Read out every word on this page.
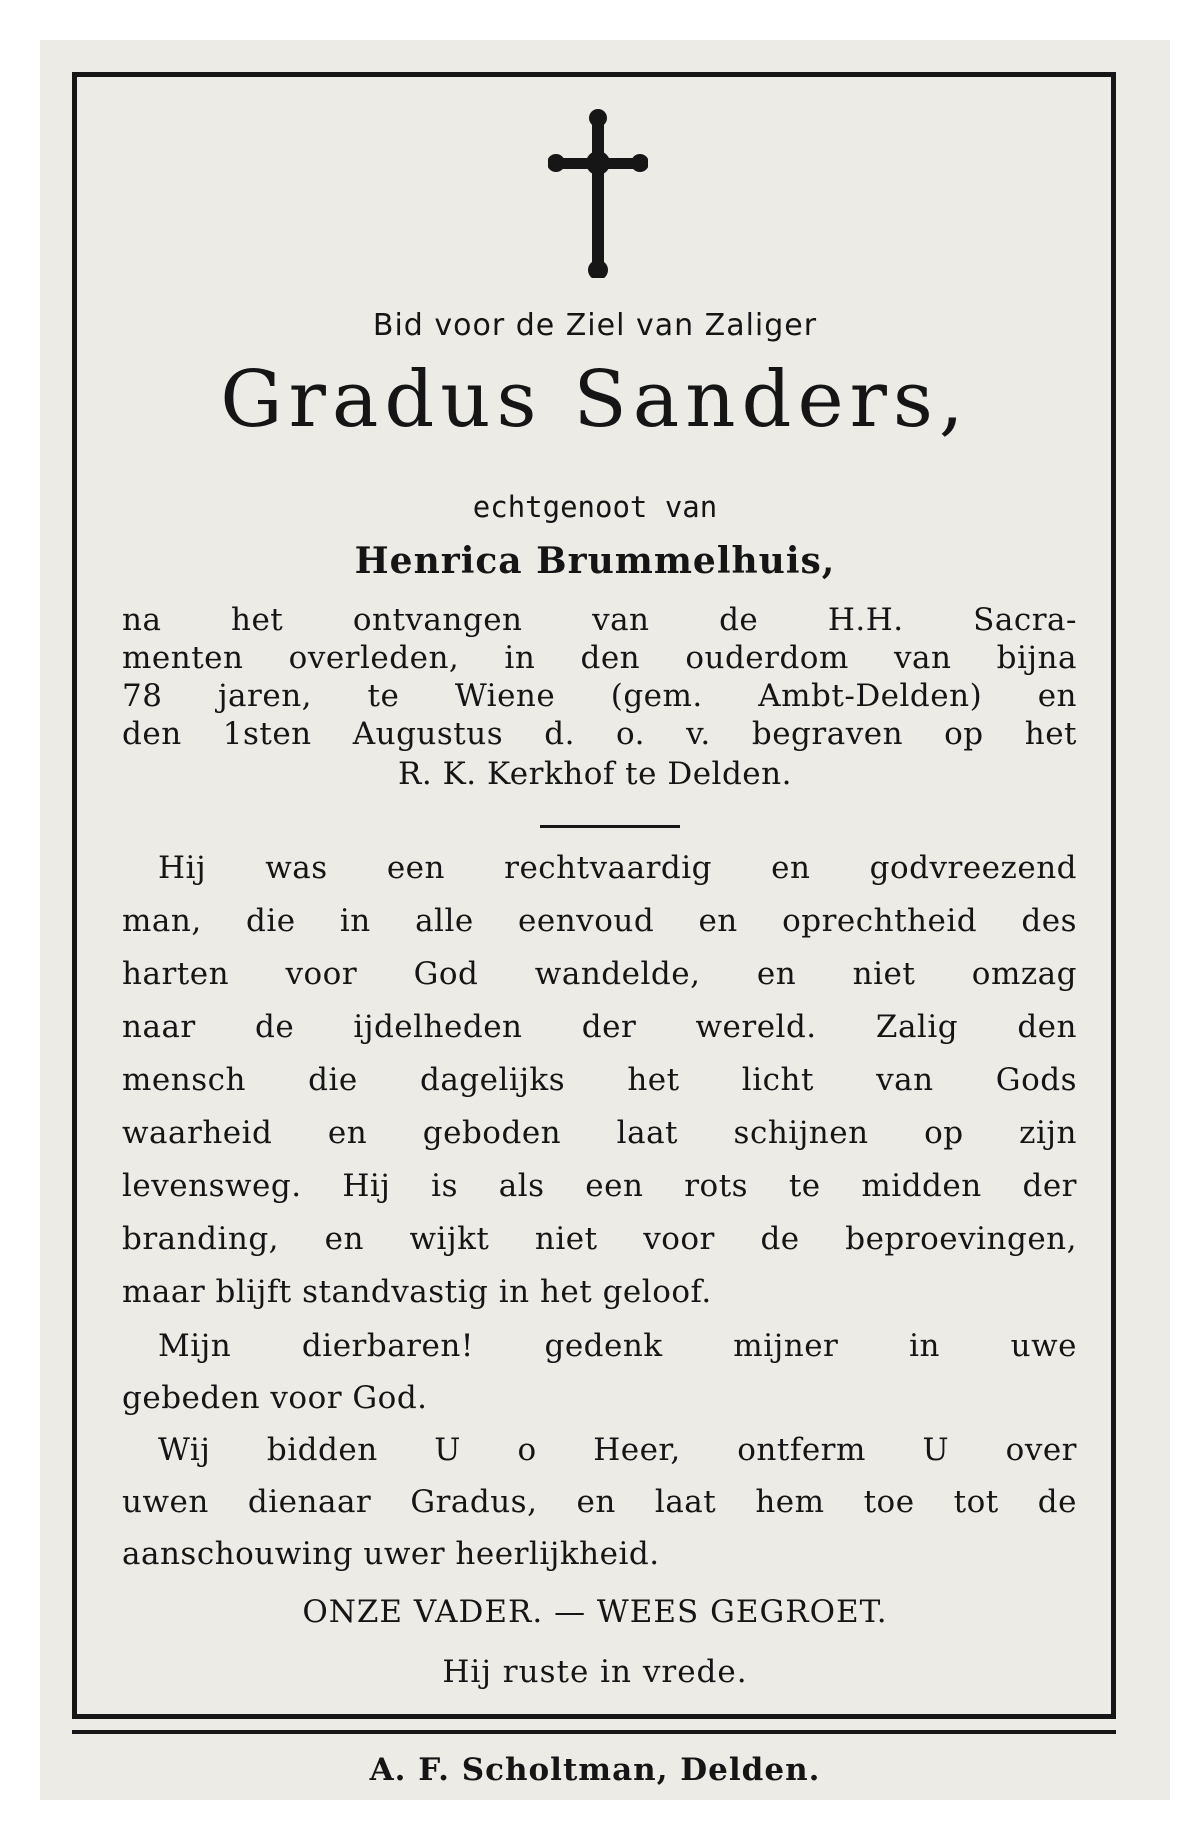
Bid voor de Ziel van Zaliger
Gradus Sanders,
echtgenoot van
Henrica Brummelhuis,
na het ontvangen van de H.H. Sacra-
menten overleden, in den ouderdom van bijna
78 jaren, te Wiene (gem. Ambt-Delden) en
den 1sten Augustus d. o. v. begraven op het
R. K. Kerkhof te Delden.
Hij was een rechtvaardig en godvreezend
man, die in alle eenvoud en oprechtheid des
harten voor God wandelde, en niet omzag
naar de ijdelheden der wereld. Zalig den
mensch die dagelijks het licht van Gods
waarheid en geboden laat schijnen op zijn
levensweg. Hij is als een rots te midden der
branding, en wijkt niet voor de beproevingen,
maar blijft standvastig in het geloof.
Mijn dierbaren! gedenk mijner in uwe
gebeden voor God.
Wij bidden U o Heer, ontferm U over
uwen dienaar Gradus, en laat hem toe tot de
aanschouwing uwer heerlijkheid.
ONZE VADER. — WEES GEGROET.
Hij ruste in vrede.
A. F. Scholtman, Delden.
